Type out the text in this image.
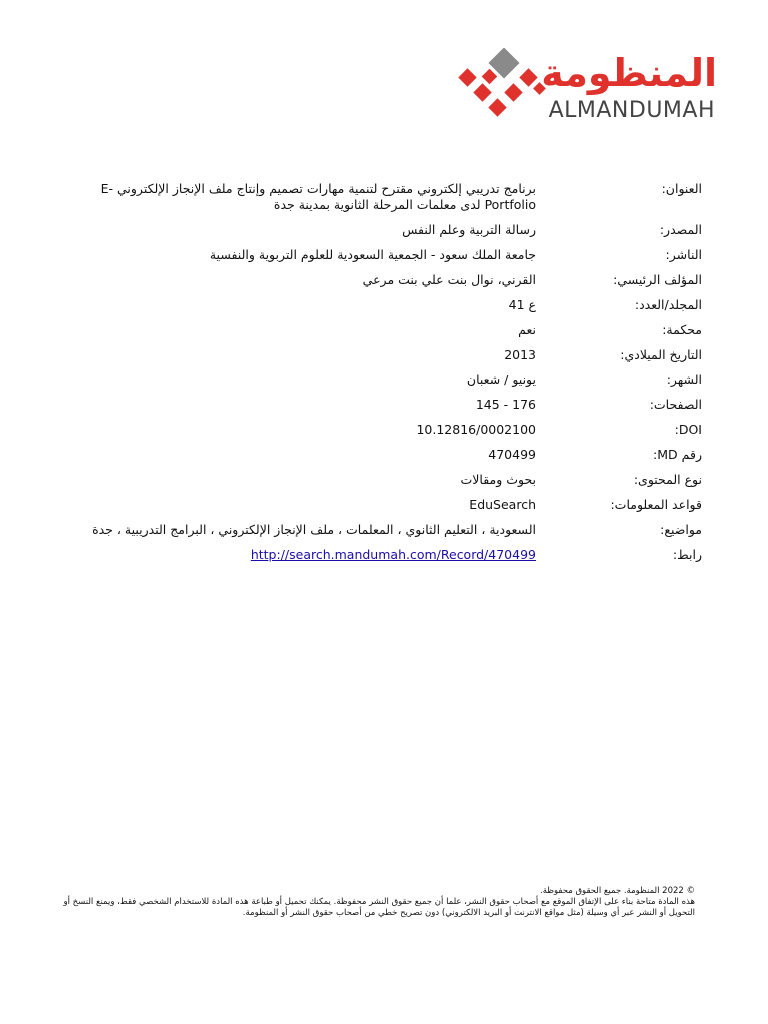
المنظومة
ALMANDUMAH
العنوان:
برنامج تدريبي إلكتروني مقترح لتنمية مهارات تصميم وإنتاج ملف الإنجاز الإلكتروني E-Portfolio لدى معلمات المرحلة الثانوية بمدينة جدة
المصدر:
رسالة التربية وعلم النفس
الناشر:
جامعة الملك سعود - الجمعية السعودية للعلوم التربوية والنفسية
المؤلف الرئيسي:
القرني، نوال بنت علي بنت مرعي
المجلد/العدد:
ع 41
محكمة:
نعم
التاريخ الميلادي:
2013
الشهر:
يونيو / شعبان
الصفحات:
145 - 176
DOI:
10.12816/0002100
رقم MD:
470499
نوع المحتوى:
بحوث ومقالات
قواعد المعلومات:
EduSearch
مواضيع:
السعودية ، التعليم الثانوي ، المعلمات ، ملف الإنجاز الإلكتروني ، البرامج التدريبية ، جدة
رابط:
http://search.mandumah.com/Record/470499

© 2022 المنظومة. جميع الحقوق محفوظة.

هذه المادة متاحة بناء على الإتفاق الموقع مع أصحاب حقوق النشر، علما أن جميع حقوق النشر محفوظة. يمكنك تحميل أو طباعة هذه المادة للاستخدام الشخصي فقط، ويمنع النسخ أو التحويل أو النشر عبر أي وسيلة (مثل مواقع الانترنت أو البريد الالكتروني) دون تصريح خطي من أصحاب حقوق النشر أو المنظومة.
